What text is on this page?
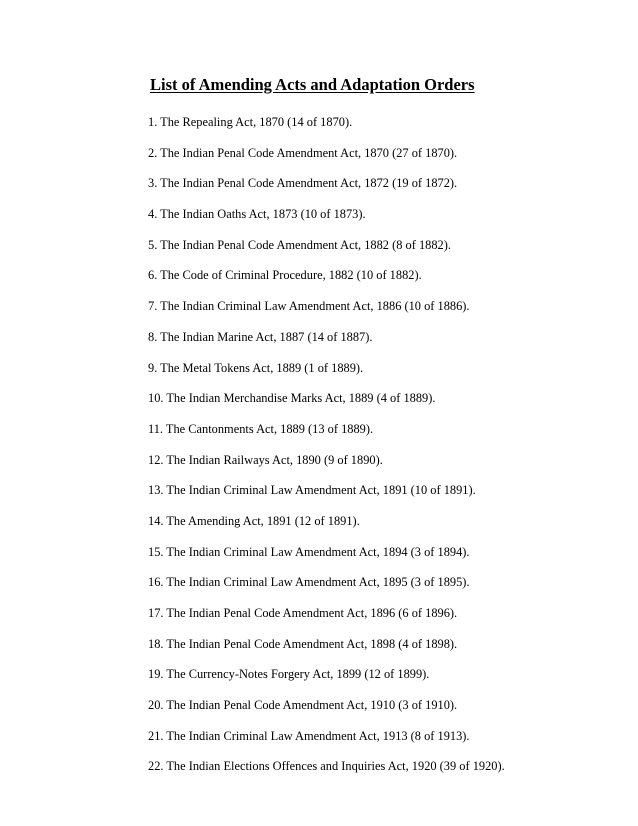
List of Amending Acts and Adaptation Orders
1. The Repealing Act, 1870 (14 of 1870).
2. The Indian Penal Code Amendment Act, 1870 (27 of 1870).
3. The Indian Penal Code Amendment Act, 1872 (19 of 1872).
4. The Indian Oaths Act, 1873 (10 of 1873).
5. The Indian Penal Code Amendment Act, 1882 (8 of 1882).
6. The Code of Criminal Procedure, 1882 (10 of 1882).
7. The Indian Criminal Law Amendment Act, 1886 (10 of 1886).
8. The Indian Marine Act, 1887 (14 of 1887).
9. The Metal Tokens Act, 1889 (1 of 1889).
10. The Indian Merchandise Marks Act, 1889 (4 of 1889).
11. The Cantonments Act, 1889 (13 of 1889).
12. The Indian Railways Act, 1890 (9 of 1890).
13. The Indian Criminal Law Amendment Act, 1891 (10 of 1891).
14. The Amending Act, 1891 (12 of 1891).
15. The Indian Criminal Law Amendment Act, 1894 (3 of 1894).
16. The Indian Criminal Law Amendment Act, 1895 (3 of 1895).
17. The Indian Penal Code Amendment Act, 1896 (6 of 1896).
18. The Indian Penal Code Amendment Act, 1898 (4 of 1898).
19. The Currency-Notes Forgery Act, 1899 (12 of 1899).
20. The Indian Penal Code Amendment Act, 1910 (3 of 1910).
21. The Indian Criminal Law Amendment Act, 1913 (8 of 1913).
22. The Indian Elections Offences and Inquiries Act, 1920 (39 of 1920).
